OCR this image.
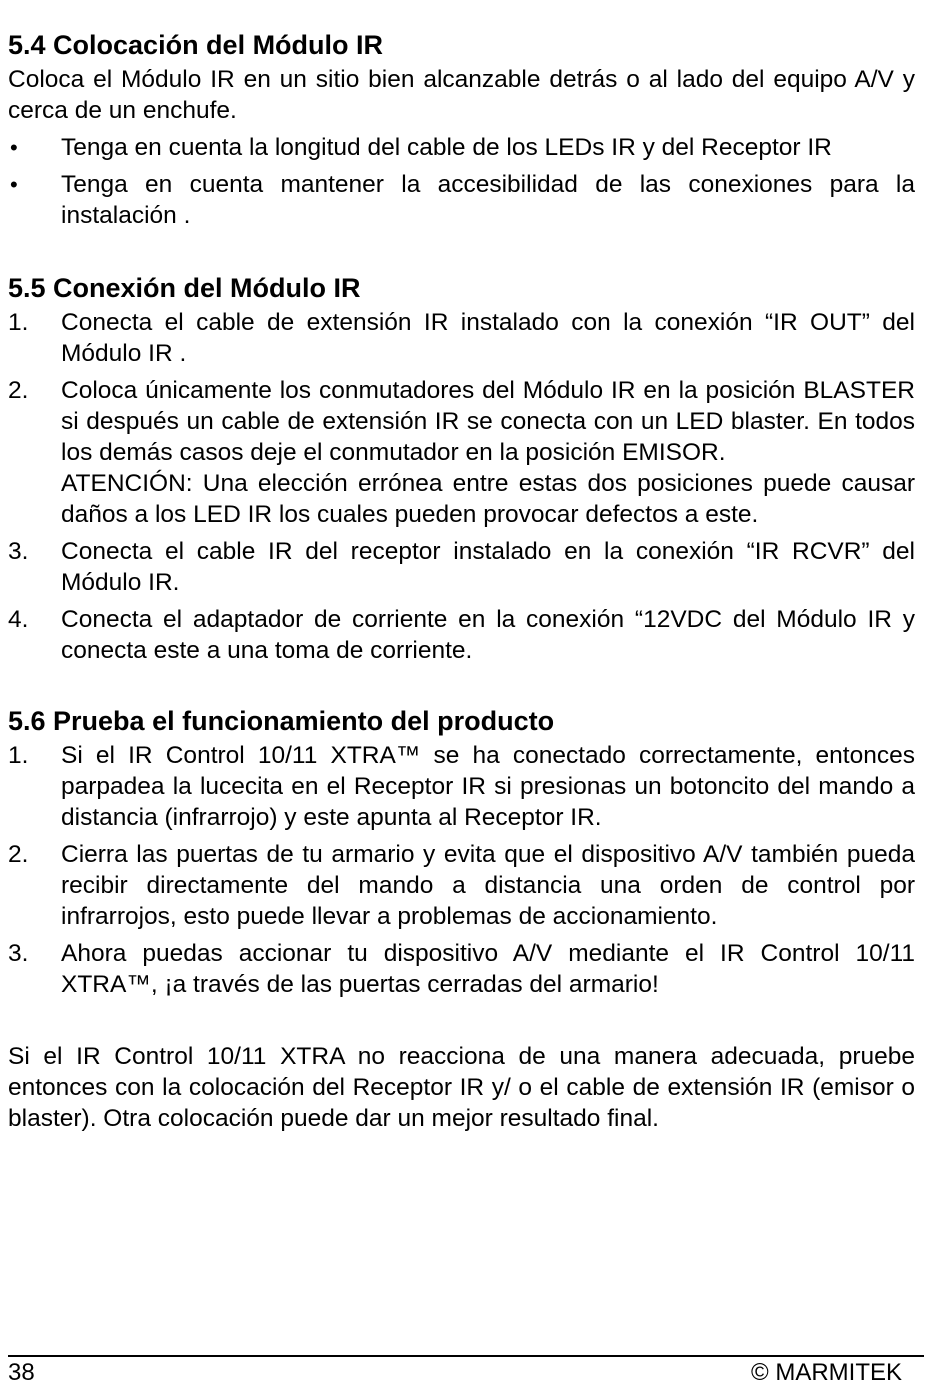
5.4 Colocación del Módulo IR

Coloca el Módulo IR en un sitio bien alcanzable detrás o al lado del equipo A/V y cerca de un enchufe.

• Tenga en cuenta la longitud del cable de los LEDs IR y del Receptor IR
• Tenga en cuenta mantener la accesibilidad de las conexiones para la instalación .
5.5 Conexión del Módulo IR
1. Conecta el cable de extensión IR instalado con la conexión “IR OUT” del Módulo IR .
2. Coloca únicamente los conmutadores del Módulo IR en la posición BLASTER si después un cable de extensión IR se conecta con un LED blaster. En todos los demás casos deje el conmutador en la posición EMISOR.
ATENCIÓN: Una elección errónea entre estas dos posiciones puede causar daños a los LED IR los cuales pueden provocar defectos a este.
3. Conecta el cable IR del receptor instalado en la conexión “IR RCVR” del Módulo IR.
4. Conecta el adaptador de corriente en la conexión “12VDC del Módulo IR y conecta este a una toma de corriente.
5.6 Prueba el funcionamiento del producto
1. Si el IR Control 10/11 XTRA™ se ha conectado correctamente, entonces parpadea la lucecita en el Receptor IR si presionas un botoncito del mando a distancia (infrarrojo) y este apunta al Receptor IR.
2. Cierra las puertas de tu armario y evita que el dispositivo A/V también pueda recibir directamente del mando a distancia una orden de control por infrarrojos, esto puede llevar a problemas de accionamiento.
3. Ahora puedas accionar tu dispositivo A/V mediante el IR Control 10/11 XTRA™, ¡a través de las puertas cerradas del armario!

Si el IR Control 10/11 XTRA no reacciona de una manera adecuada, pruebe entonces con la colocación del Receptor IR y/ o el cable de extensión IR (emisor o blaster). Otra colocación puede dar un mejor resultado final.

38	© MARMITEK
